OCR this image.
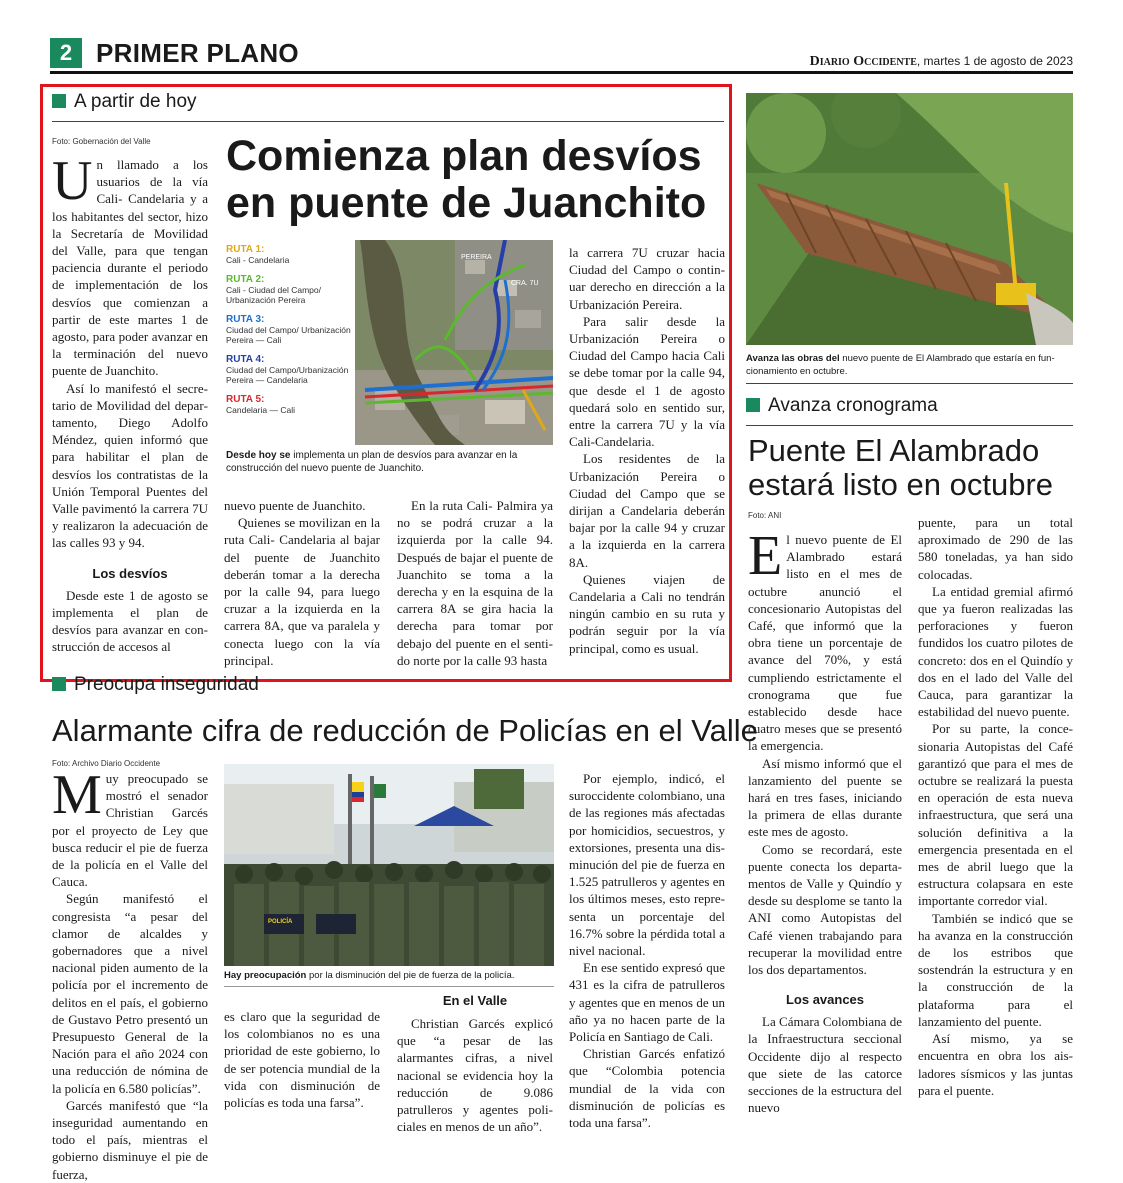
2 PRIMER PLANO	Diario Occidente, martes 1 de agosto de 2023
A partir de hoy
Foto: Gobernación del Valle Comienza plan desvíos
en puente de Juanchito

Un llamado a los usuarios de la vía Cali- Candelaria y a los habitantes del sector, hizo la Secretaría de Movilidad del Valle, para que tengan paciencia durante el periodo de implementación de los desvíos que comienzan a partir de este martes 1 de agosto, para poder avanzar en la terminación del nuevo puente de Juanchito.

Así lo manifestó el secretario de Movilidad del departamento, Diego Adolfo Méndez, quien informó que para habilitar el plan de desvíos los contratistas de la Unión Temporal Puentes del Valle pavimentó la carrera 7U y realizaron la adecuación de las calles 93 y 94.

Los desvíos

Desde este 1 de agosto se implementa el plan de desvíos para avanzar en construcción de accesos al

RUTA 1:
Cali - Candelaria
RUTA 2:
Cali - Ciudad del Campo/ Urbanización Pereira
RUTA 3:
Ciudad del Campo/ Urbanización Pereira — Cali
RUTA 4:
Ciudad del Campo/Urbanización Pereira — Candelaria
RUTA 5:
Candelaria — Cali
PEREIRA
CRA. 7U
Desde hoy se implementa un plan de desvíos para avanzar en la construcción del nuevo puente de Juanchito.

nuevo puente de Juanchito.

Quienes se movilizan en la ruta Cali- Candelaria al bajar del puente de Juanchito deberán tomar a la derecha por la calle 94, para luego cruzar a la izquierda en la carrera 8A, que va paralela y conecta luego con la vía principal.

En la ruta Cali- Palmira ya no se podrá cruzar a la izquierda por la calle 94. Después de bajar el puente de Juanchito se toma a la derecha y en la esquina de la carrera 8A se gira hacia la derecha para tomar por debajo del puente en el sentido norte por la calle 93 hasta

la carrera 7U cruzar hacia Ciudad del Campo o continuar derecho en dirección a la Urbanización Pereira.

Para salir desde la Urbanización Pereira o Ciudad del Campo hacia Cali se debe tomar por la calle 94, que desde el 1 de agosto quedará solo en sentido sur, entre la carrera 7U y la vía Cali-Candelaria.

Los residentes de la Urbanización Pereira o Ciudad del Campo que se dirijan a Candelaria deberán bajar por la calle 94 y cruzar a la izquierda en la carrera 8A.

Quienes viajen de Candelaria a Cali no tendrán ningún cambio en su ruta y podrán seguir por la vía principal, como es usual.

Preocupa inseguridad
Alarmante cifra de reducción de Policías en el Valle
Foto: Archivo Diario Occidente

Muy preocupado se mostró el senador Christian Garcés por el proyecto de Ley que busca reducir el pie de fuerza de la policía en el Valle del Cauca.

Según manifestó el congresista “a pesar del clamor de alcaldes y gobernadores que a nivel nacional piden aumento de la policía por el incremento de delitos en el país, el gobierno de Gustavo Petro presentó un Presupuesto General de la Nación para el año 2024 con una reducción de nómina de la policía en 6.580 policías”.

Garcés manifestó que “la inseguridad aumentando en todo el país, mientras el gobierno disminuye el pie de fuerza,

POLICÍA
Hay preocupación por la disminución del pie de fuerza de la policía.

es claro que la seguridad de los colombianos no es una prioridad de este gobierno, lo de ser potencia mundial de la vida con disminución de policías es toda una farsa”.

En el Valle

Christian Garcés explicó que “a pesar de las alarmantes cifras, a nivel nacional se evidencia hoy la reducción de 9.086 patrulleros y agentes policiales en menos de un año”.

Por ejemplo, indicó, el suroccidente colombiano, una de las regiones más afectadas por homicidios, secuestros, y extorsiones, presenta una disminución del pie de fuerza en 1.525 patrulleros y agentes en los últimos meses, esto representa un porcentaje del 16.7% sobre la pérdida total a nivel nacional.

En ese sentido expresó que 431 es la cifra de patrulleros y agentes que en menos de un año ya no hacen parte de la Policía en Santiago de Cali.

Christian Garcés enfatizó que “Colombia potencia mundial de la vida con disminución de policías es toda una farsa”.

Avanza las obras del nuevo puente de El Alambrado que estaría en funcionamiento en octubre.
Avanza cronograma
Puente El Alambrado
estará listo en octubre
Foto: ANI

El nuevo puente de El Alambrado estará listo en el mes de octubre anunció el concesionario Autopistas del Café, que informó que la obra tiene un porcentaje de avance del 70%, y está cumpliendo estrictamente el cronograma que fue establecido desde hace cuatro meses que se presentó la emergencia.

Así mismo informó que el lanzamiento del puente se hará en tres fases, iniciando la primera de ellas durante este mes de agosto.

Como se recordará, este puente conecta los departamentos de Valle y Quindío y desde su desplome se tanto la ANI como Autopistas del Café vienen trabajando para recuperar la movilidad entre los dos departamentos.

Los avances

La Cámara Colombiana de la Infraestructura seccional Occidente dijo al respecto que siete de las catorce secciones de la estructura del nuevo

puente, para un total aproximado de 290 de las 580 toneladas, ya han sido colocadas.

La entidad gremial afirmó que ya fueron realizadas las perforaciones y fueron fundidos los cuatro pilotes de concreto: dos en el Quindío y dos en el lado del Valle del Cauca, para garantizar la estabilidad del nuevo puente.

Por su parte, la concesionaria Autopistas del Café garantizó que para el mes de octubre se realizará la puesta en operación de esta nueva infraestructura, que será una solución definitiva a la emergencia presentada en el mes de abril luego que la estructura colapsara en este importante corredor vial.

También se indicó que se ha avanza en la construcción de los estribos que sostendrán la estructura y en la construcción de la plataforma para el lanzamiento del puente.

Así mismo, ya se encuentra en obra los aisladores sísmicos y las juntas para el puente.
